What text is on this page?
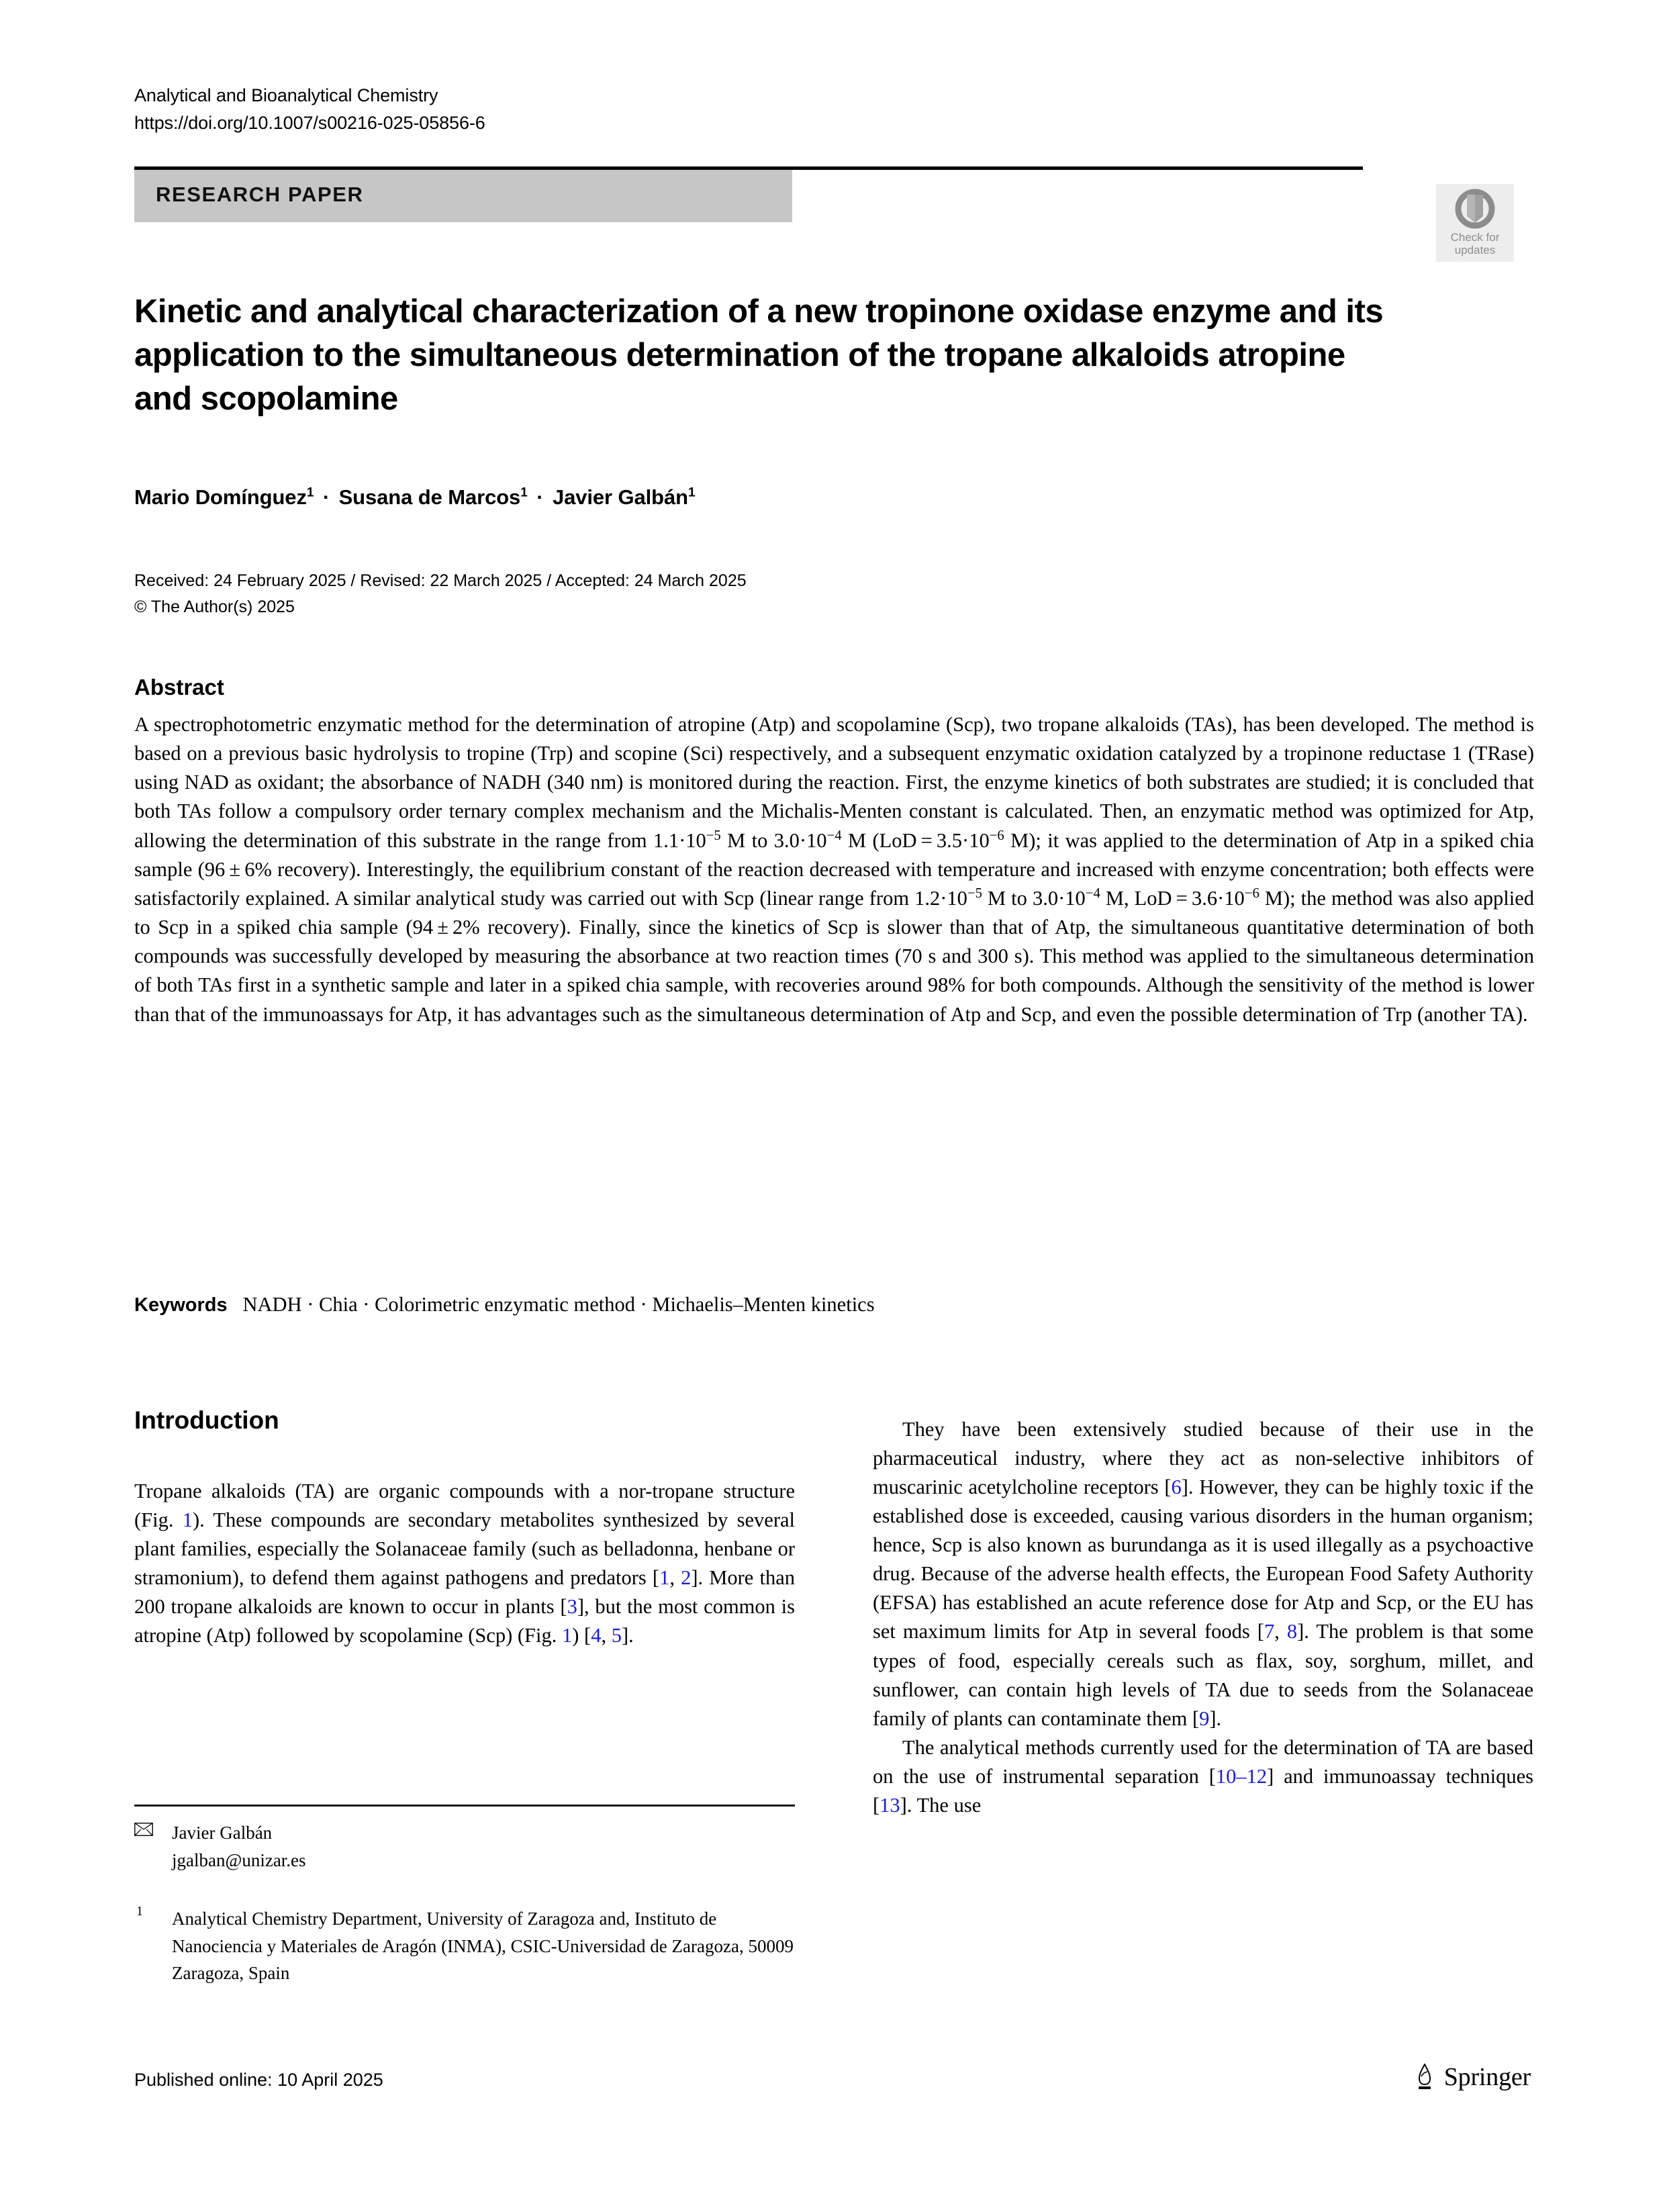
Analytical and Bioanalytical Chemistry
https://doi.org/10.1007/s00216-025-05856-6
RESEARCH PAPER
Check for
updates
Kinetic and analytical characterization of a new tropinone oxidase enzyme and its application to the simultaneous determination of the tropane alkaloids atropine and scopolamine
Mario Domínguez$^1$ · Susana de Marcos$^1$ · Javier Galbán$^1$
Received: 24 February 2025 / Revised: 22 March 2025 / Accepted: 24 March 2025
© The Author(s) 2025
Abstract
A spectrophotometric enzymatic method for the determination of atropine (Atp) and scopolamine (Scp), two tropane alkaloids (TAs), has been developed. The method is based on a previous basic hydrolysis to tropine (Trp) and scopine (Sci) respectively, and a subsequent enzymatic oxidation catalyzed by a tropinone reductase 1 (TRase) using NAD as oxidant; the absorbance of NADH (340 nm) is monitored during the reaction. First, the enzyme kinetics of both substrates are studied; it is concluded that both TAs follow a compulsory order ternary complex mechanism and the Michalis-Menten constant is calculated. Then, an enzymatic method was optimized for Atp, allowing the determination of this substrate in the range from $1.1\cdot 10^{-5}$ M to $3.0\cdot 10^{-4}$ M ($LoD = 3.5\cdot 10^{-6}$ M); it was applied to the determination of Atp in a spiked chia sample (96 ± 6% recovery). Interestingly, the equilibrium constant of the reaction decreased with temperature and increased with enzyme concentration; both effects were satisfactorily explained. A similar analytical study was carried out with Scp (linear range from $1.2\cdot 10^{-5}$ M to $3.0\cdot 10^{-4}$ M, LoD = $3.6\cdot 10^{-6}$ M); the method was also applied to Scp in a spiked chia sample (94 ± 2% recovery). Finally, since the kinetics of Scp is slower than that of Atp, the simultaneous quantitative determination of both compounds was successfully developed by measuring the absorbance at two reaction times (70 s and 300 s). This method was applied to the simultaneous determination of both TAs first in a synthetic sample and later in a spiked chia sample, with recoveries around 98% for both compounds. Although the sensitivity of the method is lower than that of the immunoassays for Atp, it has advantages such as the simultaneous determination of Atp and Scp, and even the possible determination of Trp (another TA).
Keywords   NADH · Chia · Colorimetric enzymatic method · Michaelis–Menten kinetics
Introduction
Tropane alkaloids (TA) are organic compounds with a nor-tropane structure (Fig. 1). These compounds are secondary metabolites synthesized by several plant families, especially the Solanaceae family (such as belladonna, henbane or stramonium), to defend them against pathogens and predators [1, 2]. More than 200 tropane alkaloids are known to occur in plants [3], but the most common is atropine (Atp) followed by scopolamine (Scp) (Fig. 1) [4, 5].

They have been extensively studied because of their use in the pharmaceutical industry, where they act as non-selective inhibitors of muscarinic acetylcholine receptors [6]. However, they can be highly toxic if the established dose is exceeded, causing various disorders in the human organism; hence, Scp is also known as burundanga as it is used illegally as a psychoactive drug. Because of the adverse health effects, the European Food Safety Authority (EFSA) has established an acute reference dose for Atp and Scp, or the EU has set maximum limits for Atp in several foods [7, 8]. The problem is that some types of food, especially cereals such as flax, soy, sorghum, millet, and sunflower, can contain high levels of TA due to seeds from the Solanaceae family of plants can contaminate them [9].

The analytical methods currently used for the determination of TA are based on the use of instrumental separation [10–12] and immunoassay techniques [13]. The use

Javier Galbán
jgalban@unizar.es
1 Analytical Chemistry Department, University of Zaragoza and, Instituto de Nanociencia y Materiales de Aragón (INMA), CSIC-Universidad de Zaragoza, 50009 Zaragoza, Spain
Published online: 10 April 2025	Springer
